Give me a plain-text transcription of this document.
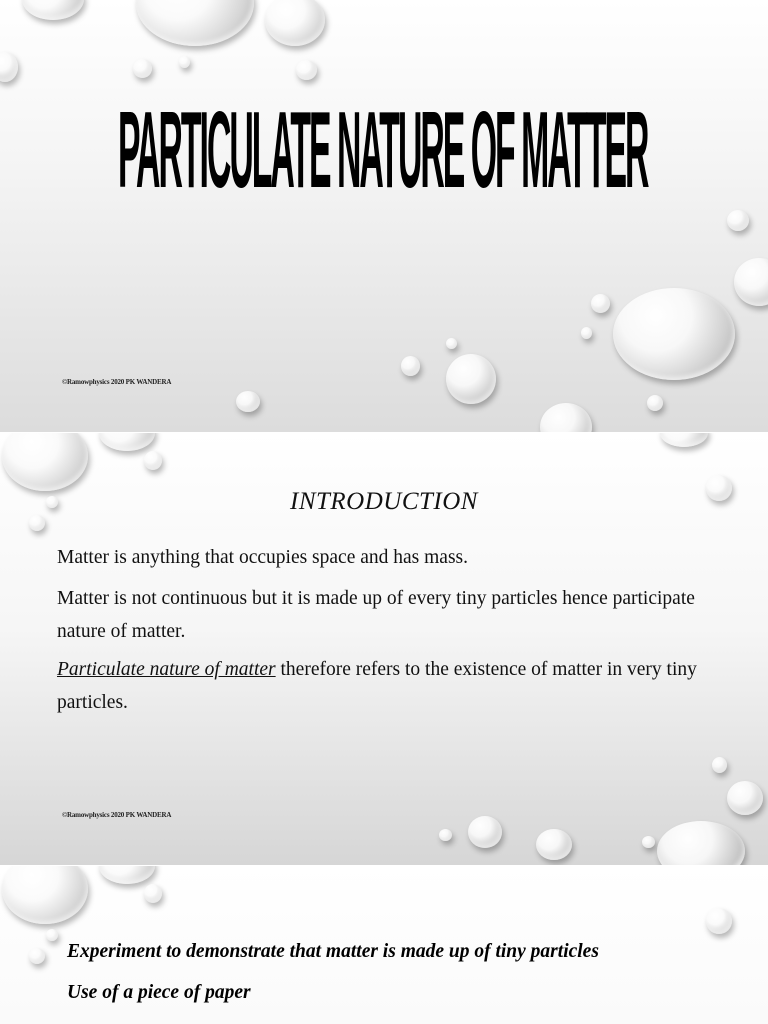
PARTICULATE NATURE OF MATTER
©Ramowphysics 2020 PK WANDERA
INTRODUCTION

Matter is anything that occupies space and has mass.

Matter is not continuous but it is made up of every tiny particles hence participate nature of matter.

Particulate nature of matter therefore refers to the existence of matter in very tiny particles.

©Ramowphysics 2020 PK WANDERA

Experiment to demonstrate that matter is made up of tiny particles

Use of a piece of paper
